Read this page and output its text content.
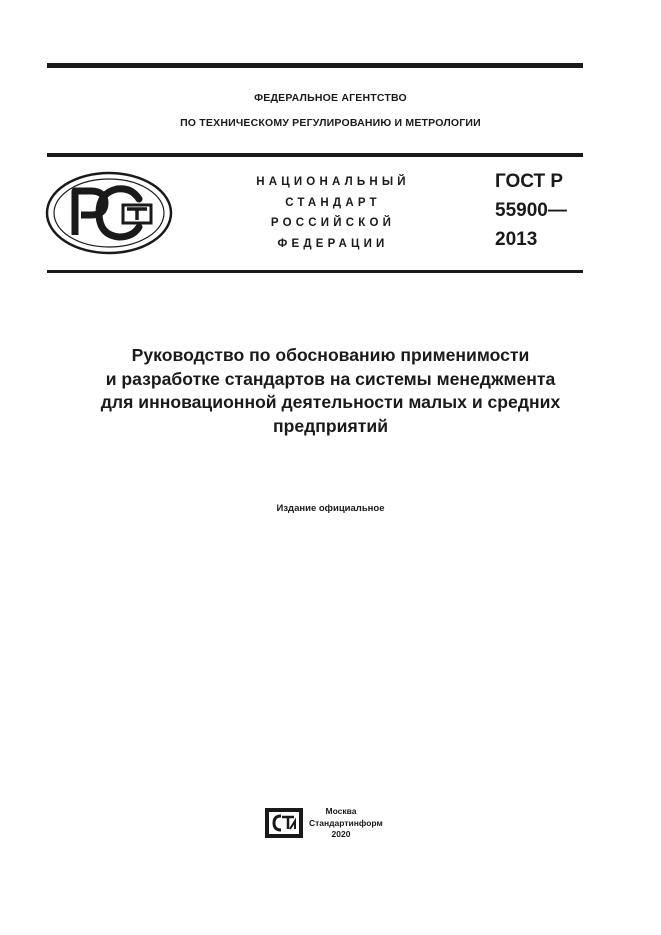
ФЕДЕРАЛЬНОЕ АГЕНТСТВО
ПО ТЕХНИЧЕСКОМУ РЕГУЛИРОВАНИЮ И МЕТРОЛОГИИ
НАЦИОНАЛЬНЫЙ
СТАНДАРТ
РОССИЙСКОЙ
ФЕДЕРАЦИИ
ГОСТ Р
55900—
2013
Руководство по обоснованию применимости
и разработке стандартов на системы менеджмента
для инновационной деятельности малых и средних
предприятий
Издание официальное
Москва
Стандартинформ
2020
